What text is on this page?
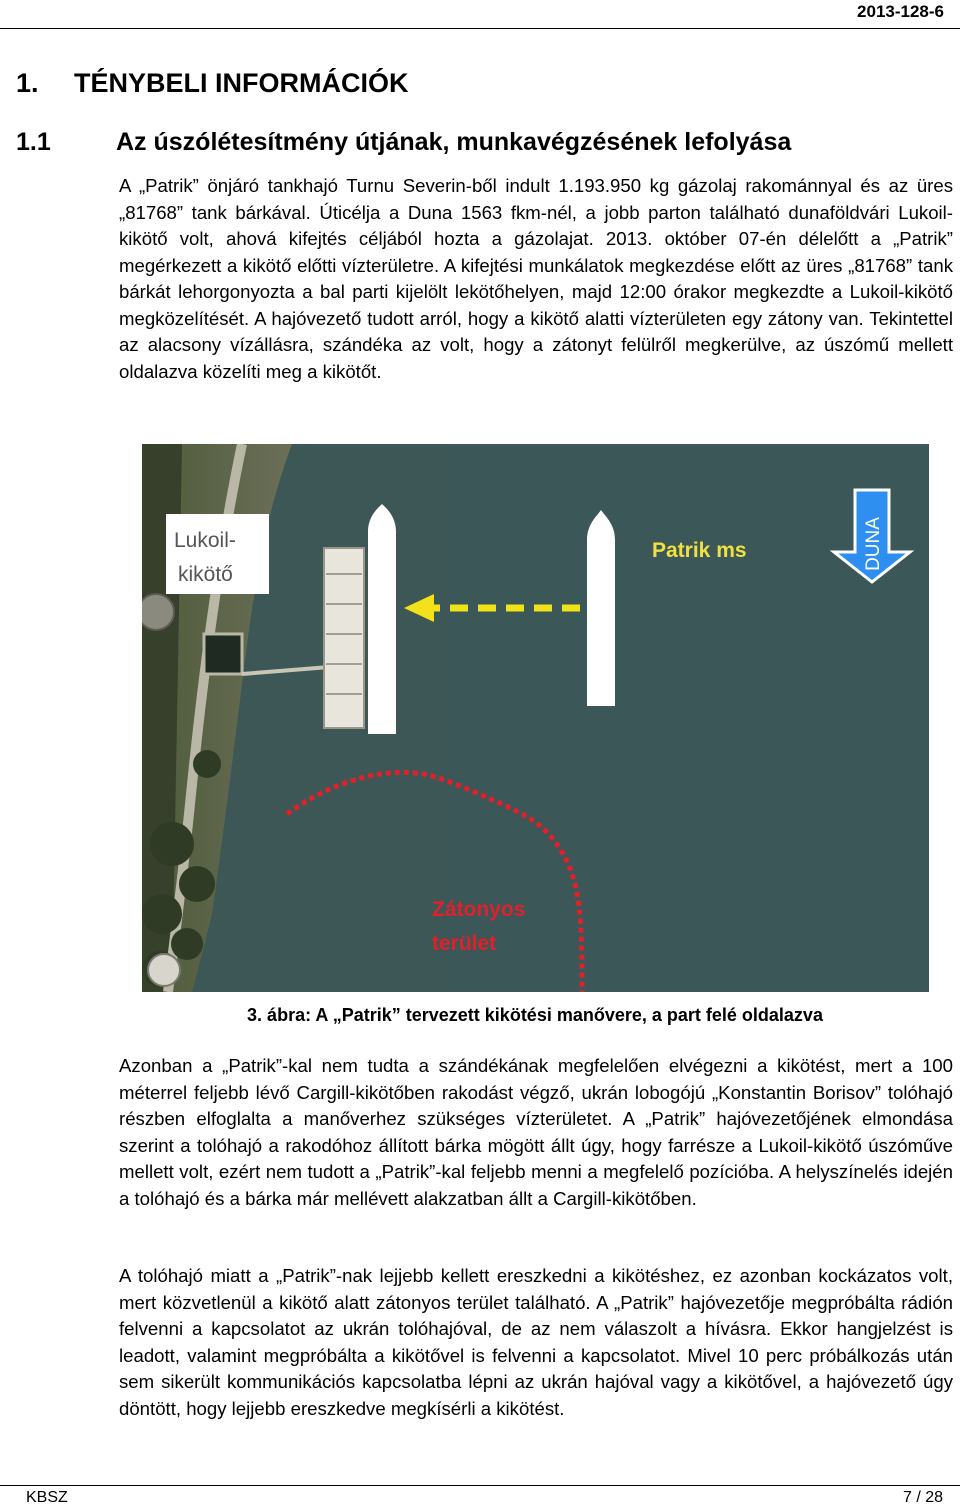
2013-128-6
1. TÉNYBELI INFORMÁCIÓK
1.1	Az úszólétesítmény útjának, munkavégzésének lefolyása

A „Patrik” önjáró tankhajó Turnu Severin-ből indult 1.193.950 kg gázolaj rakománnyal és az üres „81768” tank bárkával. Úticélja a Duna 1563 fkm-nél, a jobb parton található dunaföldvári Lukoil-kikötő volt, ahová kifejtés céljából hozta a gázolajat. 2013. október 07-én délelőtt a „Patrik” megérkezett a kikötő előtti vízterületre. A kifejtési munkálatok megkezdése előtt az üres „81768” tank bárkát lehorgonyozta a bal parti kijelölt lekötőhelyen, majd 12:00 órakor megkezdte a Lukoil-kikötő megközelítését. A hajóvezető tudott arról, hogy a kikötő alatti vízterületen egy zátony van. Tekintettel az alacsony vízállásra, szándéka az volt, hogy a zátonyt felülről megkerülve, az úszómű mellett oldalazva közelíti meg a kikötőt.

Lukoil-
kikötő
Patrik ms	DUNA
Zátonyos
terület
3. ábra: A „Patrik” tervezett kikötési manővere, a part felé oldalazva

Azonban a „Patrik”-kal nem tudta a szándékának megfelelően elvégezni a kikötést, mert a 100 méterrel feljebb lévő Cargill-kikötőben rakodást végző, ukrán lobogójú „Konstantin Borisov” tolóhajó részben elfoglalta a manőverhez szükséges vízterületet. A „Patrik” hajóvezetőjének elmondása szerint a tolóhajó a rakodóhoz állított bárka mögött állt úgy, hogy farrésze a Lukoil-kikötő úszóműve mellett volt, ezért nem tudott a „Patrik”-kal feljebb menni a megfelelő pozícióba. A helyszínelés idején a tolóhajó és a bárka már mellévett alakzatban állt a Cargill-kikötőben.

A tolóhajó miatt a „Patrik”-nak lejjebb kellett ereszkedni a kikötéshez, ez azonban kockázatos volt, mert közvetlenül a kikötő alatt zátonyos terület található. A „Patrik” hajóvezetője megpróbálta rádión felvenni a kapcsolatot az ukrán tolóhajóval, de az nem válaszolt a hívásra. Ekkor hangjelzést is leadott, valamint megpróbálta a kikötővel is felvenni a kapcsolatot. Mivel 10 perc próbálkozás után sem sikerült kommunikációs kapcsolatba lépni az ukrán hajóval vagy a kikötővel, a hajóvezető úgy döntött, hogy lejjebb ereszkedve megkísérli a kikötést.

KBSZ	7 / 28
